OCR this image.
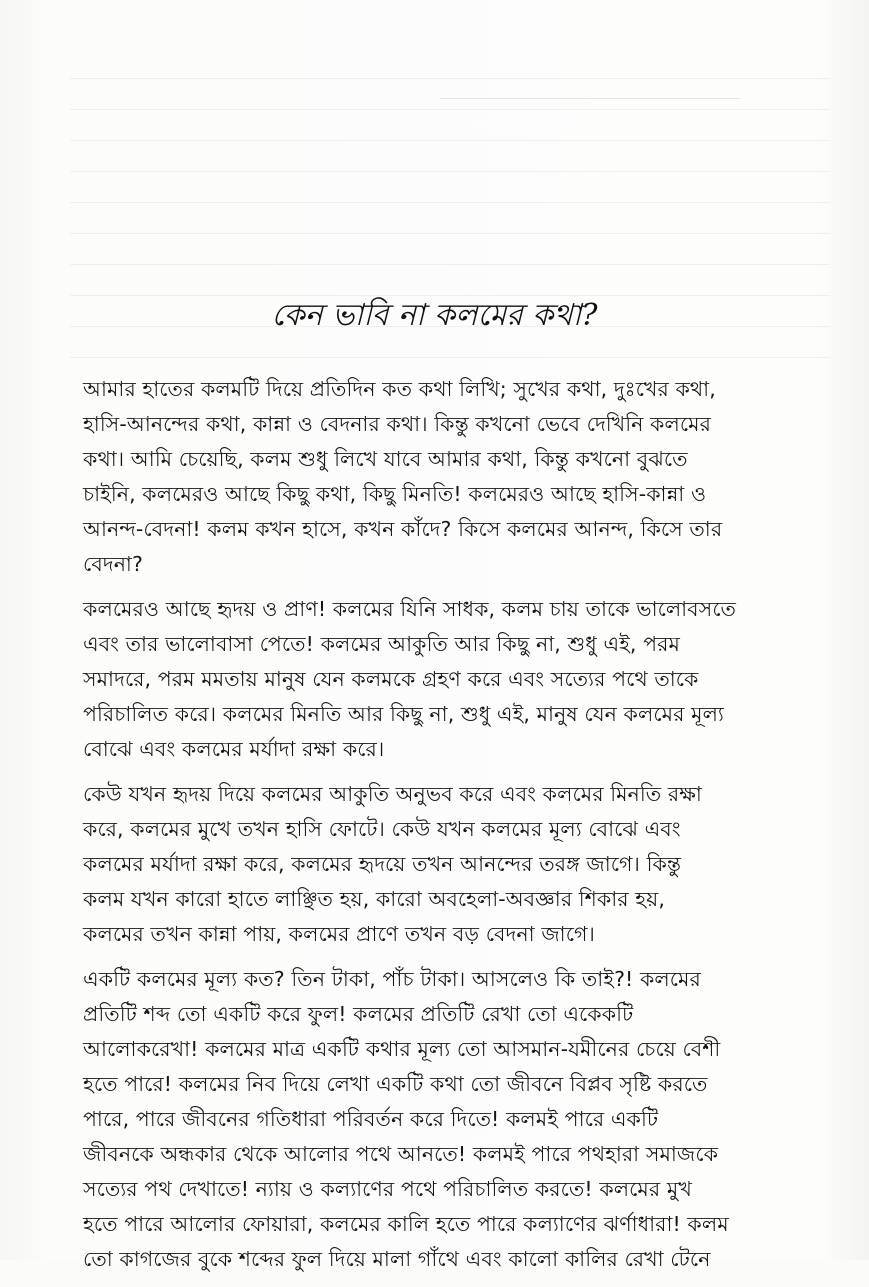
কেন ভাবি না কলমের কথা?

আমার হাতের কলমটি দিয়ে প্রতিদিন কত কথা লিখি; সুখের কথা, দুঃখের কথা,
হাসি-আনন্দের কথা, কান্না ও বেদনার কথা। কিন্তু কখনো ভেবে দেখিনি কলমের
কথা। আমি চেয়েছি, কলম শুধু লিখে যাবে আমার কথা, কিন্তু কখনো বুঝতে
চাইনি, কলমেরও আছে কিছু কথা, কিছু মিনতি! কলমেরও আছে হাসি-কান্না ও
আনন্দ-বেদনা! কলম কখন হাসে, কখন কাঁদে? কিসে কলমের আনন্দ, কিসে তার
বেদনা?

কলমেরও আছে হৃদয় ও প্রাণ! কলমের যিনি সাধক, কলম চায় তাকে ভালোবসতে
এবং তার ভালোবাসা পেতে! কলমের আকুতি আর কিছু না, শুধু এই, পরম
সমাদরে, পরম মমতায় মানুষ যেন কলমকে গ্রহণ করে এবং সত্যের পথে তাকে
পরিচালিত করে। কলমের মিনতি আর কিছু না, শুধু এই, মানুষ যেন কলমের মূল্য
বোঝে এবং কলমের মর্যাদা রক্ষা করে।

কেউ যখন হৃদয় দিয়ে কলমের আকুতি অনুভব করে এবং কলমের মিনতি রক্ষা
করে, কলমের মুখে তখন হাসি ফোটে। কেউ যখন কলমের মূল্য বোঝে এবং
কলমের মর্যাদা রক্ষা করে, কলমের হৃদয়ে তখন আনন্দের তরঙ্গ জাগে। কিন্তু
কলম যখন কারো হাতে লাঞ্ছিত হয়, কারো অবহেলা-অবজ্ঞার শিকার হয়,
কলমের তখন কান্না পায়, কলমের প্রাণে তখন বড় বেদনা জাগে।

একটি কলমের মূল্য কত? তিন টাকা, পাঁচ টাকা। আসলেও কি তাই?! কলমের
প্রতিটি শব্দ তো একটি করে ফুল! কলমের প্রতিটি রেখা তো একেকটি
আলোকরেখা! কলমের মাত্র একটি কথার মূল্য তো আসমান-যমীনের চেয়ে বেশী
হতে পারে! কলমের নিব দিয়ে লেখা একটি কথা তো জীবনে বিপ্লব সৃষ্টি করতে
পারে, পারে জীবনের গতিধারা পরিবর্তন করে দিতে! কলমই পারে একটি
জীবনকে অন্ধকার থেকে আলোর পথে আনতে! কলমই পারে পথহারা সমাজকে
সত্যের পথ দেখাতে! ন্যায় ও কল্যাণের পথে পরিচালিত করতে! কলমের মুখ
হতে পারে আলোর ফোয়ারা, কলমের কালি হতে পারে কল্যাণের ঝর্ণাধারা! কলম
তো কাগজের বুকে শব্দের ফুল দিয়ে মালা গাঁথে এবং কালো কালির রেখা টেনে
